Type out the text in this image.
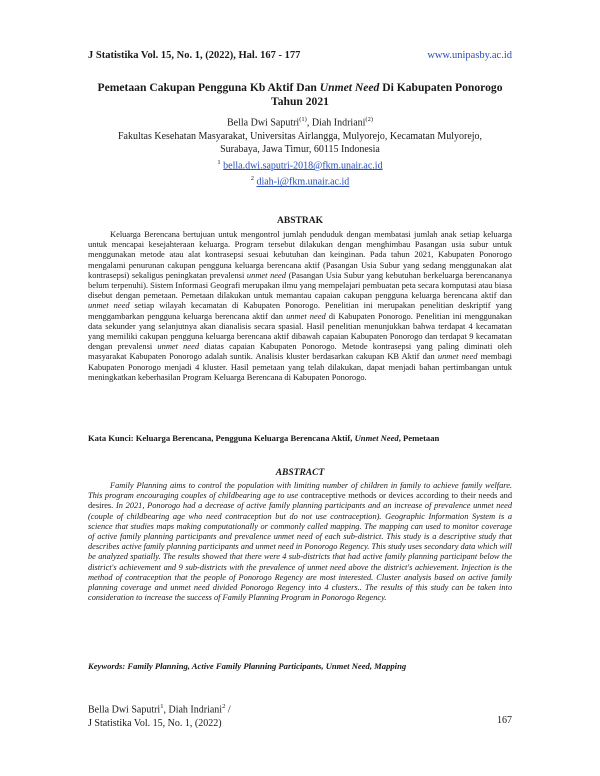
J Statistika Vol. 15, No. 1, (2022), Hal. 167 - 177	www.unipasby.ac.id
Pemetaan Cakupan Pengguna Kb Aktif Dan Unmet Need Di Kabupaten Ponorogo Tahun 2021
Bella Dwi Saputri$^{(1)}$, Diah Indriani$^{(2)}$
Fakultas Kesehatan Masyarakat, Universitas Airlangga, Mulyorejo, Kecamatan Mulyorejo,
Surabaya, Jawa Timur, 60115 Indonesia
$^1$ bella.dwi.saputri-2018@fkm.unair.ac.id
$^2$ diah-i@fkm.unair.ac.id
ABSTRAK
Keluarga Berencana bertujuan untuk mengontrol jumlah penduduk dengan membatasi jumlah anak setiap keluarga untuk mencapai kesejahteraan keluarga. Program tersebut dilakukan dengan menghimbau Pasangan usia subur untuk menggunakan metode atau alat kontrasepsi sesuai kebutuhan dan keinginan. Pada tahun 2021, Kabupaten Ponorogo mengalami penurunan cakupan pengguna keluarga berencana aktif (Pasangan Usia Subur yang sedang menggunakan alat kontrasepsi) sekaligus peningkatan prevalensi unmet need (Pasangan Usia Subur yang kebutuhan berkeluarga berencananya belum terpenuhi). Sistem Informasi Geografi merupakan ilmu yang mempelajari pembuatan peta secara komputasi atau biasa disebut dengan pemetaan. Pemetaan dilakukan untuk memantau capaian cakupan pengguna keluarga berencana aktif dan unmet need setiap wilayah kecamatan di Kabupaten Ponorogo. Penelitian ini merupakan penelitian deskriptif yang menggambarkan pengguna keluarga berencana aktif dan unmet need di Kabupaten Ponorogo. Penelitian ini menggunakan data sekunder yang selanjutnya akan dianalisis secara spasial. Hasil penelitian menunjukkan bahwa terdapat 4 kecamatan yang memiliki cakupan pengguna keluarga berencana aktif dibawah capaian Kabupaten Ponorogo dan terdapat 9 kecamatan dengan prevalensi unmet need diatas capaian Kabupaten Ponorogo. Metode kontrasepsi yang paling diminati oleh masyarakat Kabupaten Ponorogo adalah suntik. Analisis kluster berdasarkan cakupan KB Aktif dan unmet need membagi Kabupaten Ponorogo menjadi 4 kluster. Hasil pemetaan yang telah dilakukan, dapat menjadi bahan pertimbangan untuk meningkatkan keberhasilan Program Keluarga Berencana di Kabupaten Ponorogo.
Kata Kunci: Keluarga Berencana, Pengguna Keluarga Berencana Aktif, Unmet Need, Pemetaan
ABSTRACT
Family Planning aims to control the population with limiting number of children in family to achieve family welfare. This program encouraging couples of childbearing age to use contraceptive methods or devices according to their needs and desires. In 2021, Ponorogo had a decrease of active family planning participants and an increase of prevalence unmet need (couple of childbearing age who need contraception but do not use contraception). Geographic Information System is a science that studies maps making computationally or commonly called mapping. The mapping can used to monitor coverage of active family planning participants and prevalence unmet need of each sub-district. This study is a descriptive study that describes active family planning participants and unmet need in Ponorogo Regency. This study uses secondary data which will be analyzed spatially. The results showed that there were 4 sub-districts that had active family planning participant below the district's achievement and 9 sub-districts with the prevalence of unmet need above the district's achievement. Injection is the method of contraception that the people of Ponorogo Regency are most interested. Cluster analysis based on active family planning coverage and unmet need divided Ponorogo Regency into 4 clusters.. The results of this study can be taken into consideration to increase the success of Family Planning Program in Ponorogo Regency.
Keywords: Family Planning, Active Family Planning Participants, Unmet Need, Mapping
Bella Dwi Saputri$^1$, Diah Indriani$^2$ /
J Statistika Vol. 15, No. 1, (2022)	167
